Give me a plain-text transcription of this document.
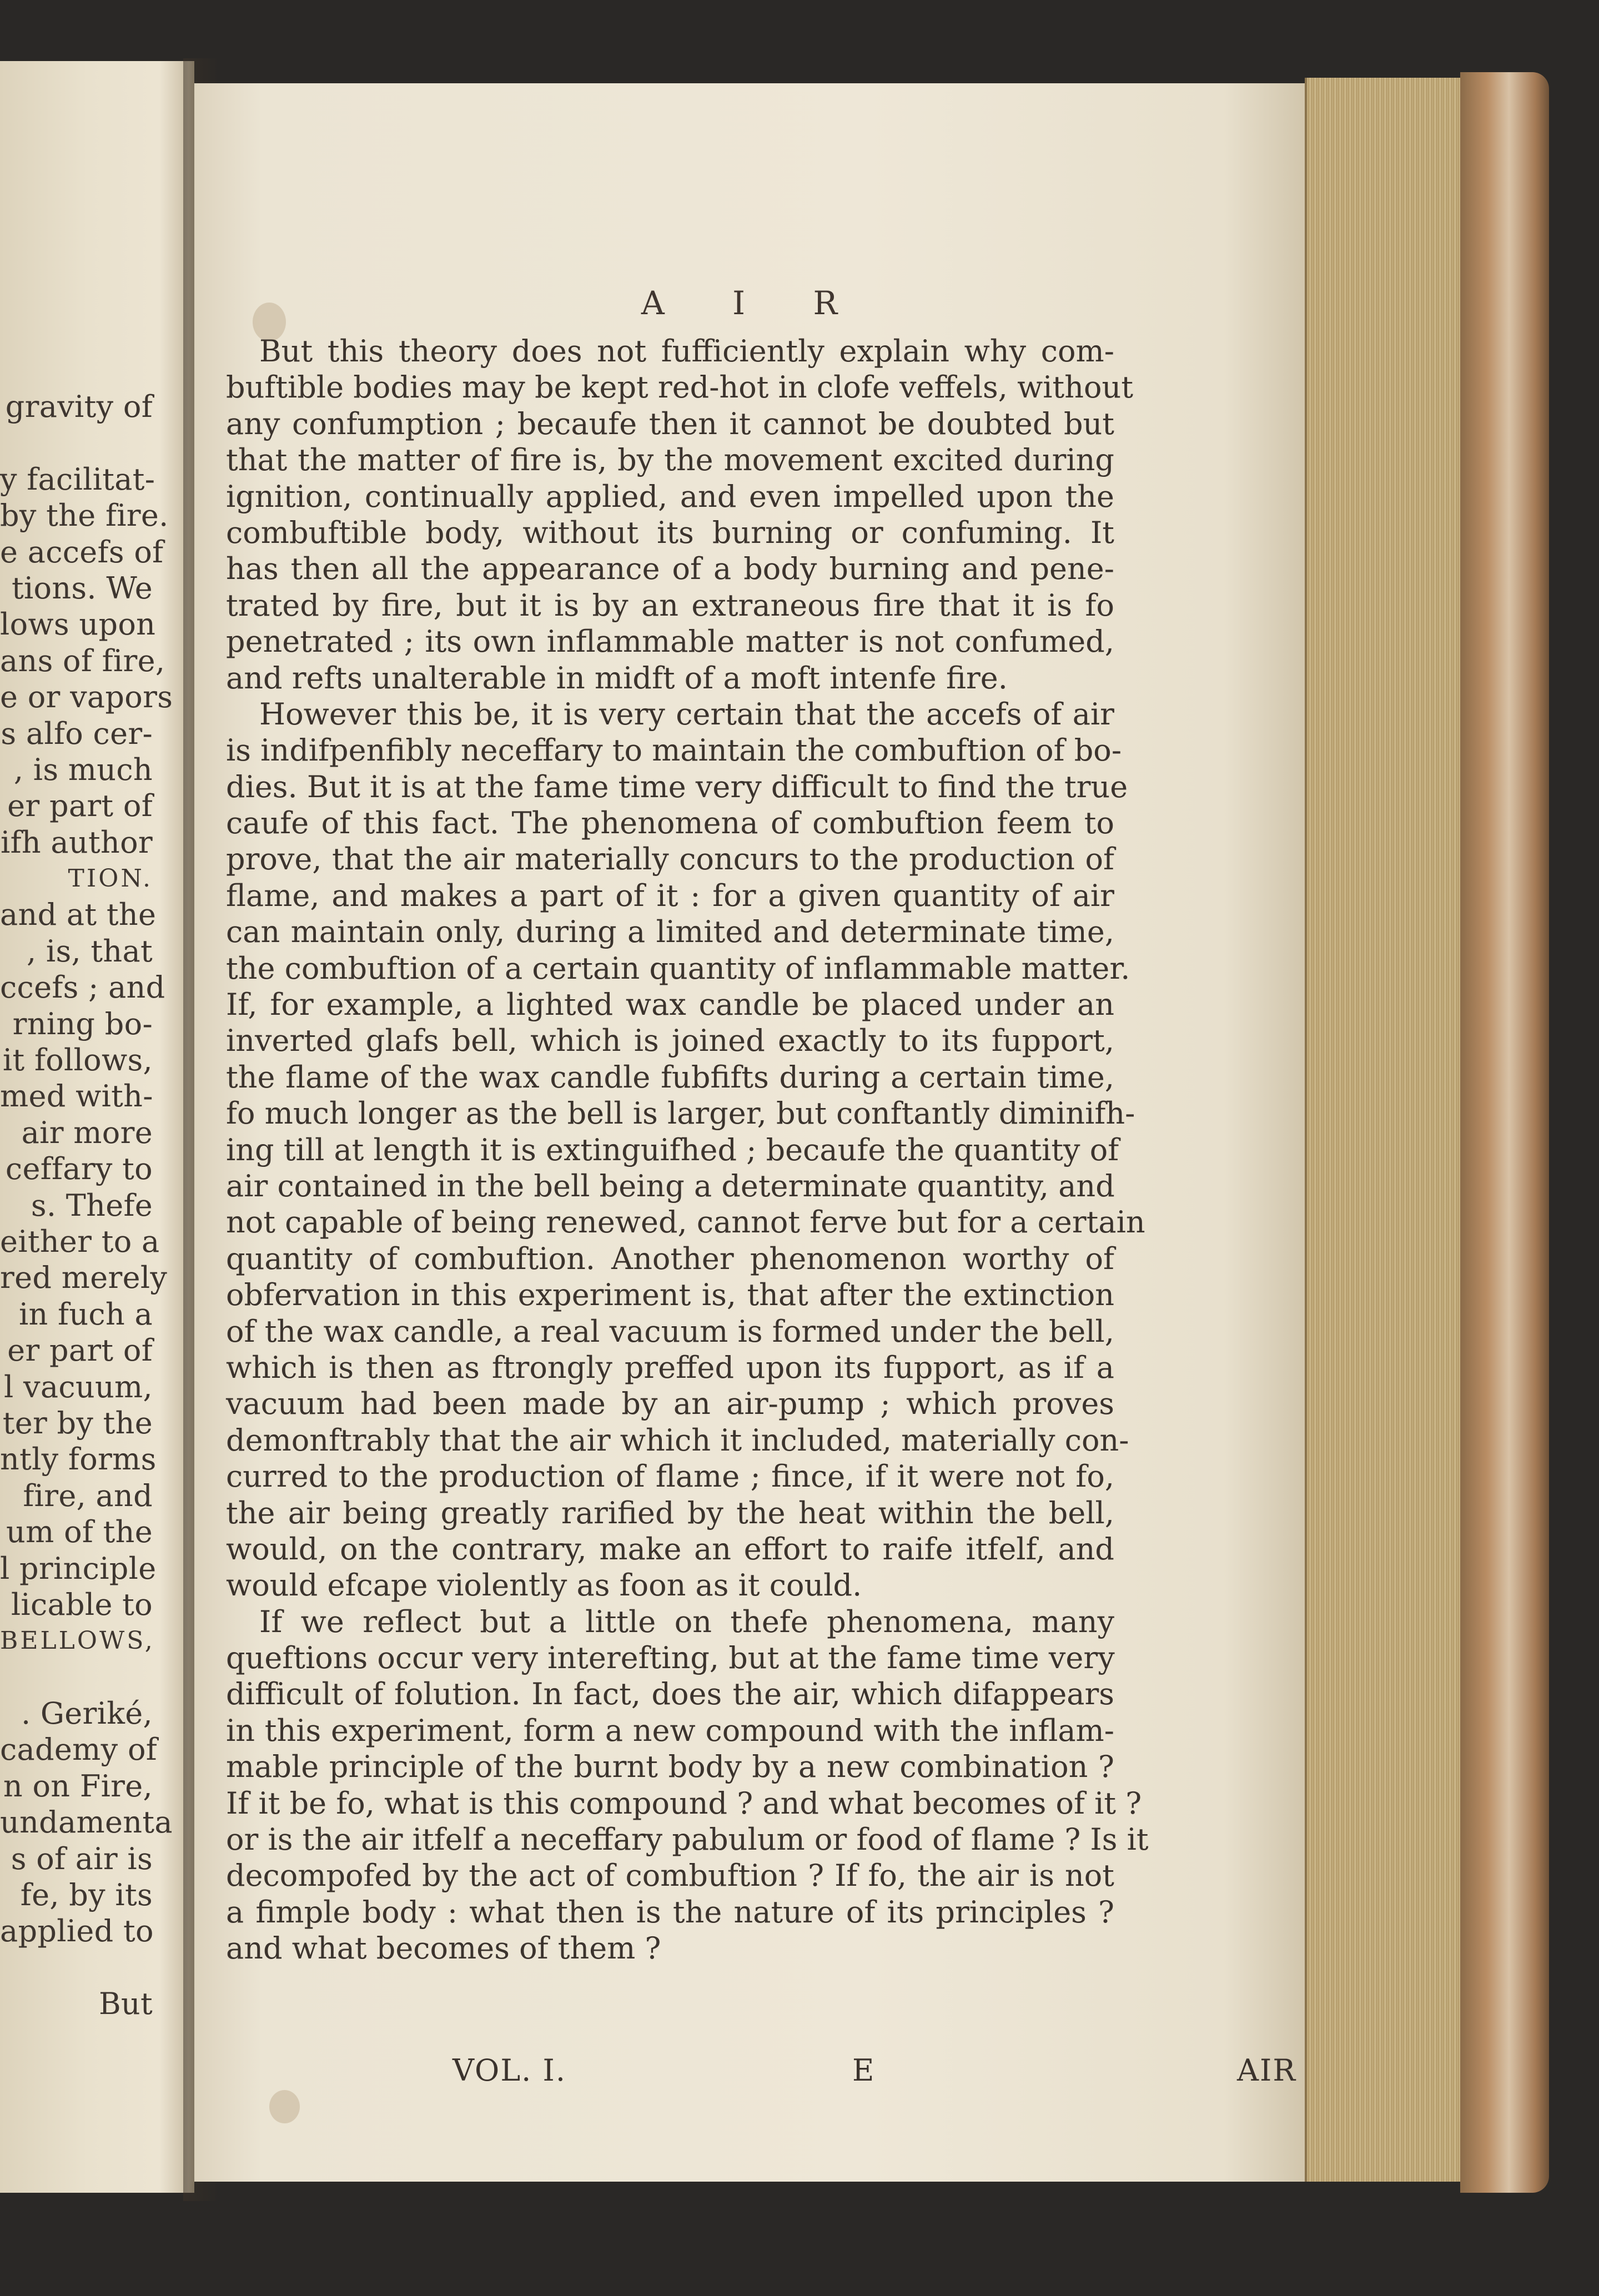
gravity of
y facilitat-
by the fire.
e accefs of
tions. We
lows upon
ans of fire,
e or vapors
s alfo cer-
, is much
er part of
ifh author
TION.
and at the
, is, that
ccefs ; and
rning bo-
it follows,
med with-
air more
ceffary to
s. Thefe
either to a
red merely
in fuch a
er part of
l vacuum,
ter by the
ntly forms
fire, and
um of the
l principle
licable to
BELLOWS,
. Geriké,
cademy of
n on Fire,
undamenta
s of air is
fe, by its
applied to
But
A I R
VOL. I.	E	AIR
But this theory does not fufficiently explain why com-
buftible bodies may be kept red-hot in clofe veffels, without
any confumption ; becaufe then it cannot be doubted but
that the matter of fire is, by the movement excited during
ignition, continually applied, and even impelled upon the
combuftible body, without its burning or confuming. It
has then all the appearance of a body burning and pene-
trated by fire, but it is by an extraneous fire that it is fo
penetrated ; its own inflammable matter is not confumed,
and refts unalterable in midft of a moft intenfe fire.
However this be, it is very certain that the accefs of air
is indifpenfibly neceffary to maintain the combuftion of bo-
dies. But it is at the fame time very difficult to find the true
caufe of this fact. The phenomena of combuftion feem to
prove, that the air materially concurs to the production of
flame, and makes a part of it : for a given quantity of air
can maintain only, during a limited and determinate time,
the combuftion of a certain quantity of inflammable matter.
If, for example, a lighted wax candle be placed under an
inverted glafs bell, which is joined exactly to its fupport,
the flame of the wax candle fubfifts during a certain time,
fo much longer as the bell is larger, but conftantly diminifh-
ing till at length it is extinguifhed ; becaufe the quantity of
air contained in the bell being a determinate quantity, and
not capable of being renewed, cannot ferve but for a certain
quantity of combuftion. Another phenomenon worthy of
obfervation in this experiment is, that after the extinction
of the wax candle, a real vacuum is formed under the bell,
which is then as ftrongly preffed upon its fupport, as if a
vacuum had been made by an air-pump ; which proves
demonftrably that the air which it included, materially con-
curred to the production of flame ; fince, if it were not fo,
the air being greatly rarified by the heat within the bell,
would, on the contrary, make an effort to raife itfelf, and
would efcape violently as foon as it could.
If we reflect but a little on thefe phenomena, many
queftions occur very interefting, but at the fame time very
difficult of folution. In fact, does the air, which difappears
in this experiment, form a new compound with the inflam-
mable principle of the burnt body by a new combination ?
If it be fo, what is this compound ? and what becomes of it ?
or is the air itfelf a neceffary pabulum or food of flame ? Is it
decompofed by the act of combuftion ? If fo, the air is not
a fimple body : what then is the nature of its principles ?
and what becomes of them ?
